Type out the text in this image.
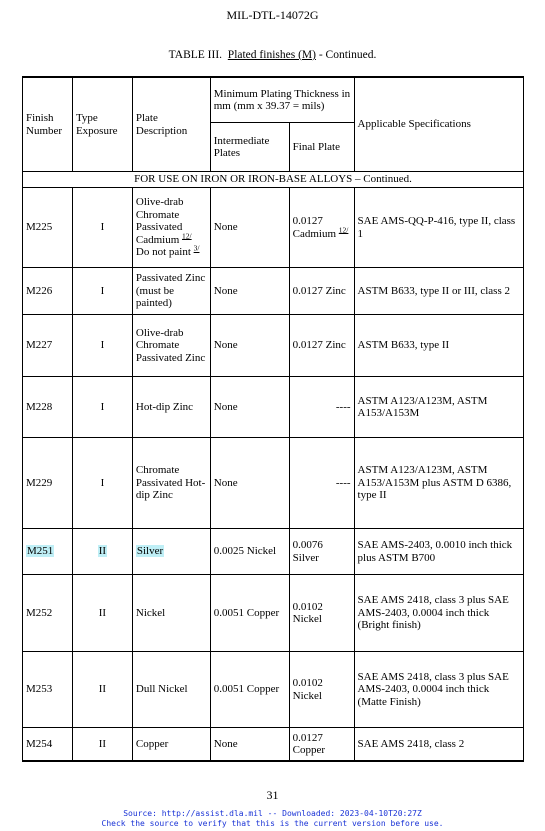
MIL-DTL-14072G
TABLE III. Plated finishes (M) - Continued.
Finish Number	Type Exposure	Plate Description	Minimum Plating Thickness in mm (mm x 39.37 = mils)		Applicable Specifications
			Intermediate Plates	Final Plate	
FOR USE ON IRON OR IRON-BASE ALLOYS – Continued.					
M225	I	Olive-drab Chromate Passivated Cadmium $^{12/}$ Do not paint $^{3/}$	None	0.0127 Cadmium $^{12/}$	SAE AMS-QQ-P-416, type II, class 1
M226	I	Passivated Zinc (must be painted)	None	0.0127 Zinc	ASTM B633, type II or III, class 2
M227	I	Olive-drab Chromate Passivated Zinc	None	0.0127 Zinc	ASTM B633, type II
M228	I	Hot-dip Zinc	None	----	ASTM A123/A123M, ASTM A153/A153M
M229	I	Chromate Passivated Hot-dip Zinc	None	----	ASTM A123/A123M, ASTM A153/A153M plus ASTM D 6386, type II
M251	II	Silver	0.0025 Nickel	0.0076 Silver	SAE AMS-2403, 0.0010 inch thick plus ASTM B700
M252	II	Nickel	0.0051 Copper	0.0102 Nickel	SAE AMS 2418, class 3 plus SAE AMS-2403, 0.0004 inch thick (Bright finish)
M253	II	Dull Nickel	0.0051 Copper	0.0102 Nickel	SAE AMS 2418, class 3 plus SAE AMS-2403, 0.0004 inch thick (Matte Finish)
M254	II	Copper	None	0.0127 Copper	SAE AMS 2418, class 2
31
Source: http://assist.dla.mil -- Downloaded: 2023-04-10T20:27Z
Check the source to verify that this is the current version before use.
